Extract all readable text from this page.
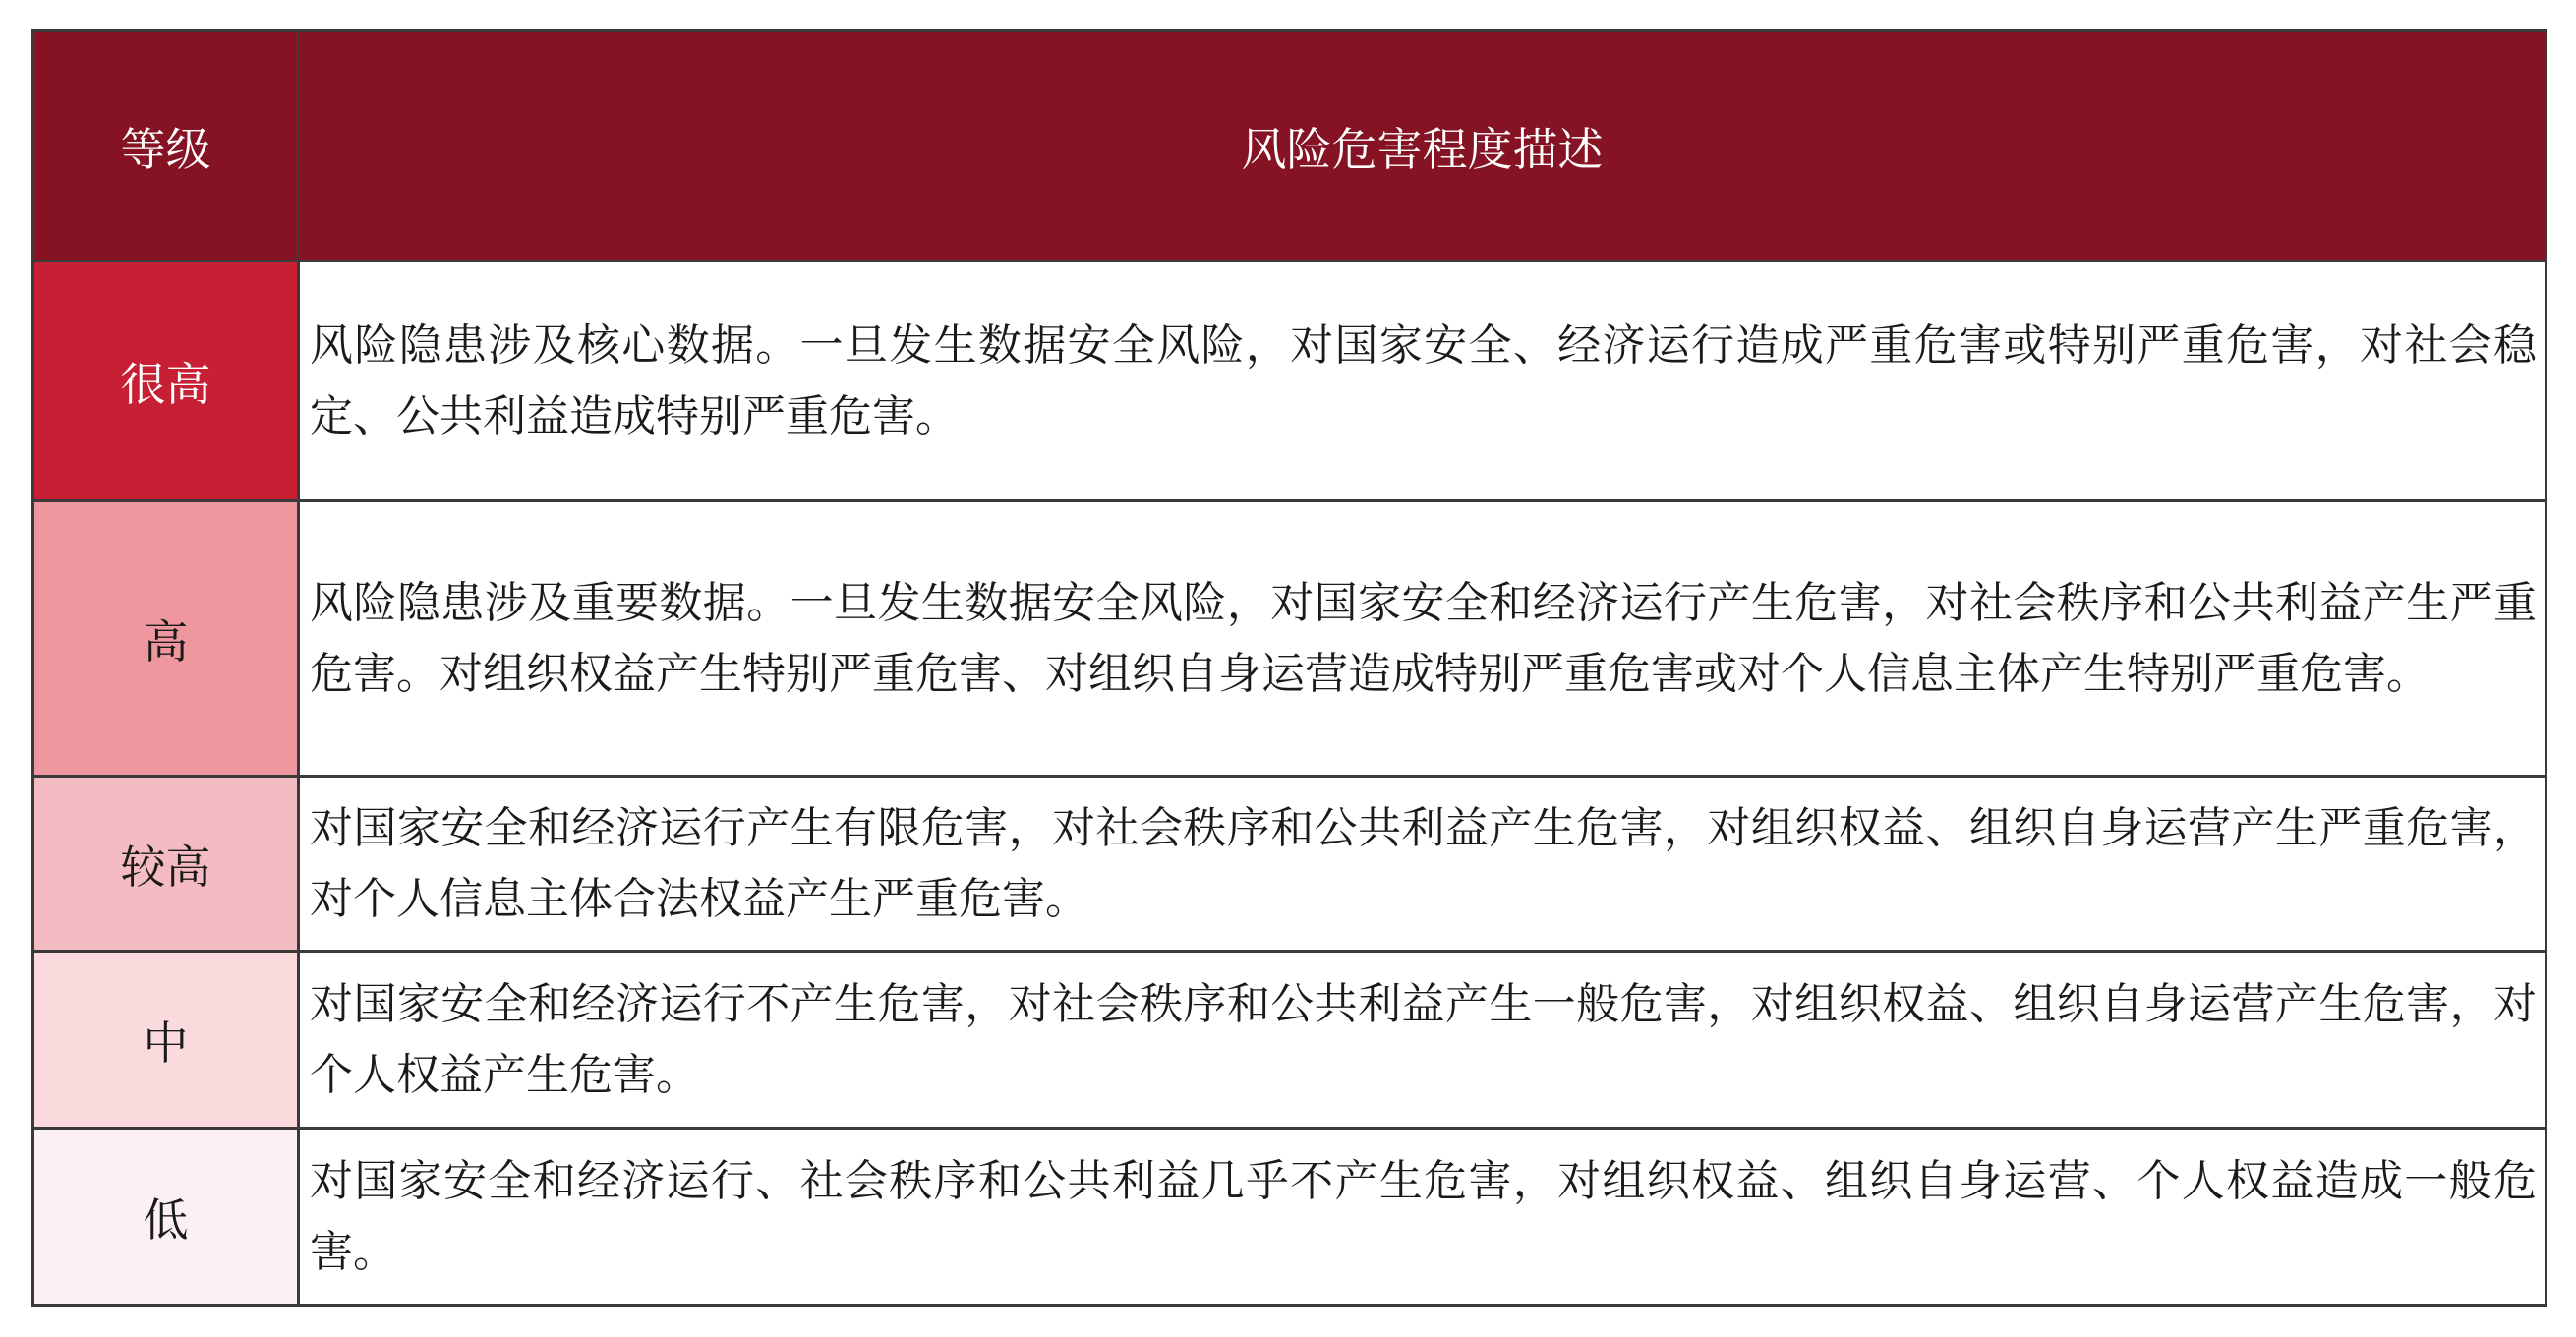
等级	风险危害程度描述
很高	风险隐患涉及核心数据。一旦发生数据安全风险，对国家安全、经济运行造成严重危害或特别严重危害，对社会稳定、公共利益造成特别严重危害。
高	风险隐患涉及重要数据。一旦发生数据安全风险，对国家安全和经济运行产生危害，对社会秩序和公共利益产生严重危害。对组织权益产生特别严重危害、对组织自身运营造成特别严重危害或对个人信息主体产生特别严重危害。
较高	对国家安全和经济运行产生有限危害，对社会秩序和公共利益产生危害，对组织权益、组织自身运营产生严重危害，对个人信息主体合法权益产生严重危害。
中	对国家安全和经济运行不产生危害，对社会秩序和公共利益产生一般危害，对组织权益、组织自身运营产生危害，对个人权益产生危害。
低	对国家安全和经济运行、社会秩序和公共利益几乎不产生危害，对组织权益、组织自身运营、个人权益造成一般危害。
